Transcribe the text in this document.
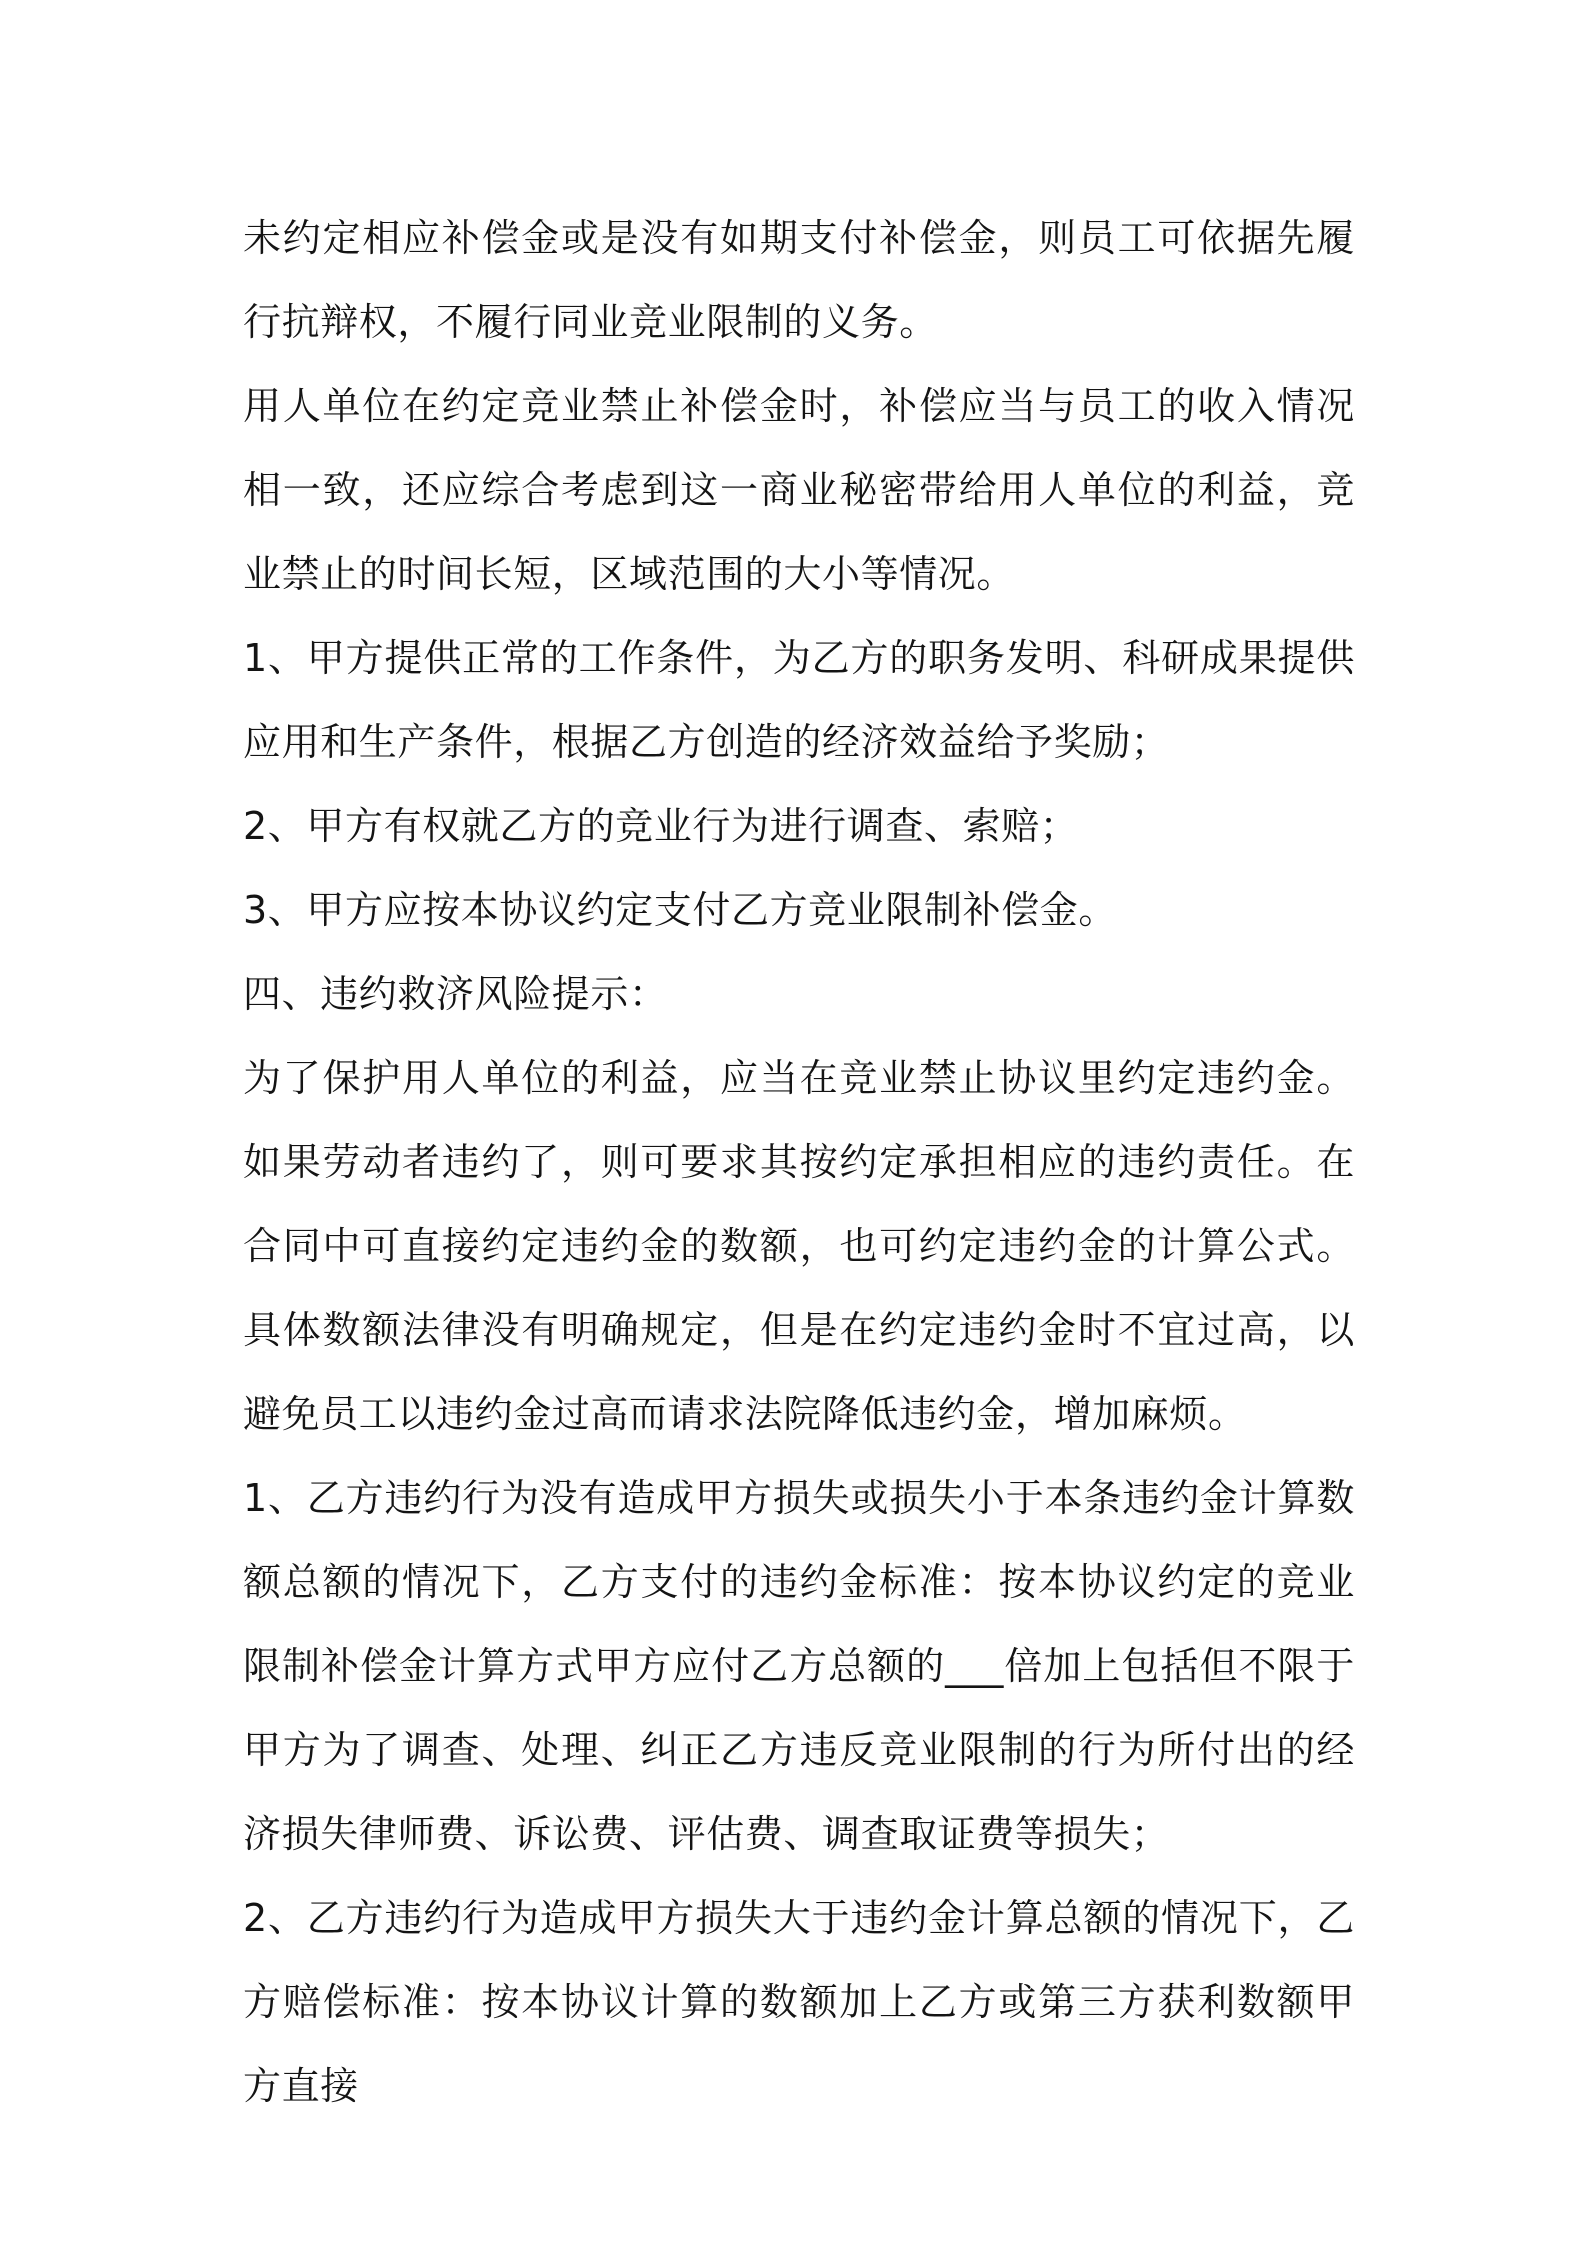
未约定相应补偿金或是没有如期支付补偿金，则员工可依据先履行抗辩权，不履行同业竞业限制的义务。

用人单位在约定竞业禁止补偿金时，补偿应当与员工的收入情况相一致，还应综合考虑到这一商业秘密带给用人单位的利益，竞业禁止的时间长短，区域范围的大小等情况。

1、甲方提供正常的工作条件，为乙方的职务发明、科研成果提供应用和生产条件，根据乙方创造的经济效益给予奖励；

2、甲方有权就乙方的竞业行为进行调查、索赔；

3、甲方应按本协议约定支付乙方竞业限制补偿金。

四、违约救济风险提示：

为了保护用人单位的利益，应当在竞业禁止协议里约定违约金。如果劳动者违约了，则可要求其按约定承担相应的违约责任。在合同中可直接约定违约金的数额，也可约定违约金的计算公式。具体数额法律没有明确规定，但是在约定违约金时不宜过高，以避免员工以违约金过高而请求法院降低违约金，增加麻烦。

1、乙方违约行为没有造成甲方损失或损失小于本条违约金计算数额总额的情况下，乙方支付的违约金标准：按本协议约定的竞业限制补偿金计算方式甲方应付乙方总额的___倍加上包括但不限于甲方为了调查、处理、纠正乙方违反竞业限制的行为所付出的经济损失律师费、诉讼费、评估费、调查取证费等损失；

2、乙方违约行为造成甲方损失大于违约金计算总额的情况下，乙方赔偿标准：按本协议计算的数额加上乙方或第三方获利数额甲方直接
